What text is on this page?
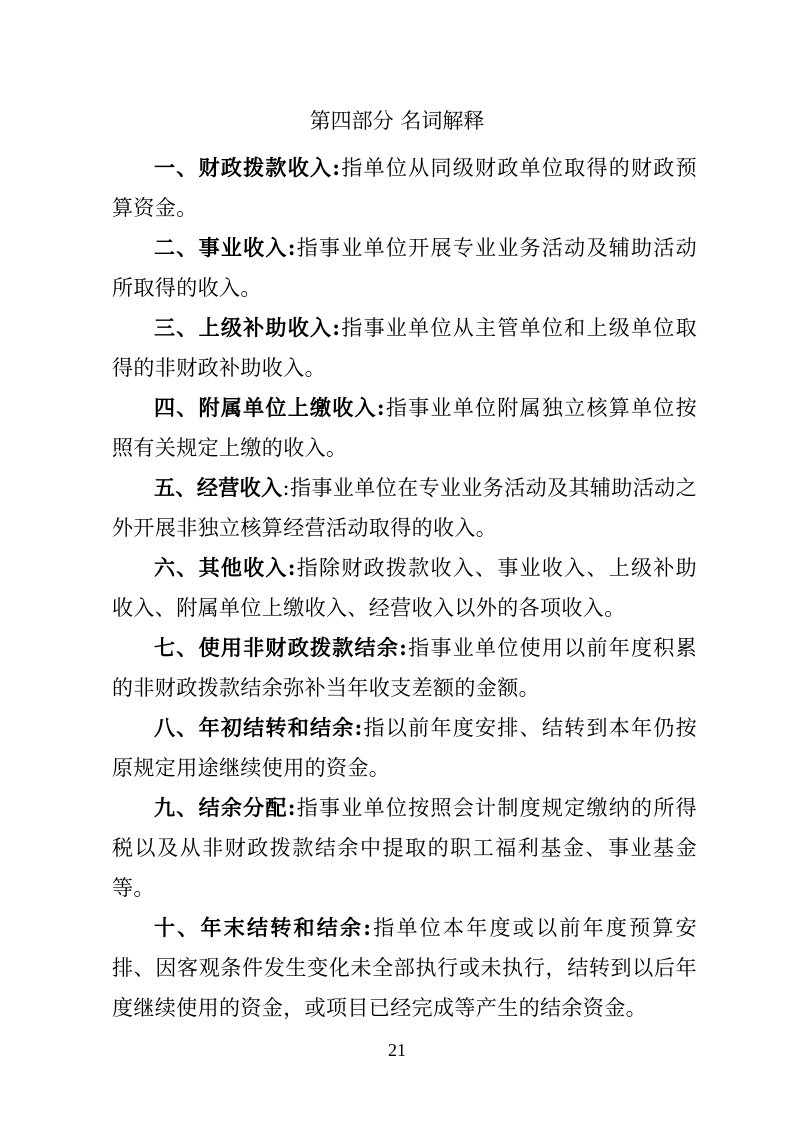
第四部分 名词解释

一、财政拨款收入:指单位从同级财政单位取得的财政预算资金。

二、事业收入:指事业单位开展专业业务活动及辅助活动所取得的收入。

三、上级补助收入:指事业单位从主管单位和上级单位取得的非财政补助收入。

四、附属单位上缴收入:指事业单位附属独立核算单位按照有关规定上缴的收入。

五、经营收入:指事业单位在专业业务活动及其辅助活动之外开展非独立核算经营活动取得的收入。

六、其他收入:指除财政拨款收入、事业收入、上级补助收入、附属单位上缴收入、经营收入以外的各项收入。

七、使用非财政拨款结余:指事业单位使用以前年度积累的非财政拨款结余弥补当年收支差额的金额。

八、年初结转和结余:指以前年度安排、结转到本年仍按原规定用途继续使用的资金。

九、结余分配:指事业单位按照会计制度规定缴纳的所得税以及从非财政拨款结余中提取的职工福利基金、事业基金等。

十、年末结转和结余:指单位本年度或以前年度预算安排、因客观条件发生变化未全部执行或未执行，结转到以后年度继续使用的资金，或项目已经完成等产生的结余资金。

21
